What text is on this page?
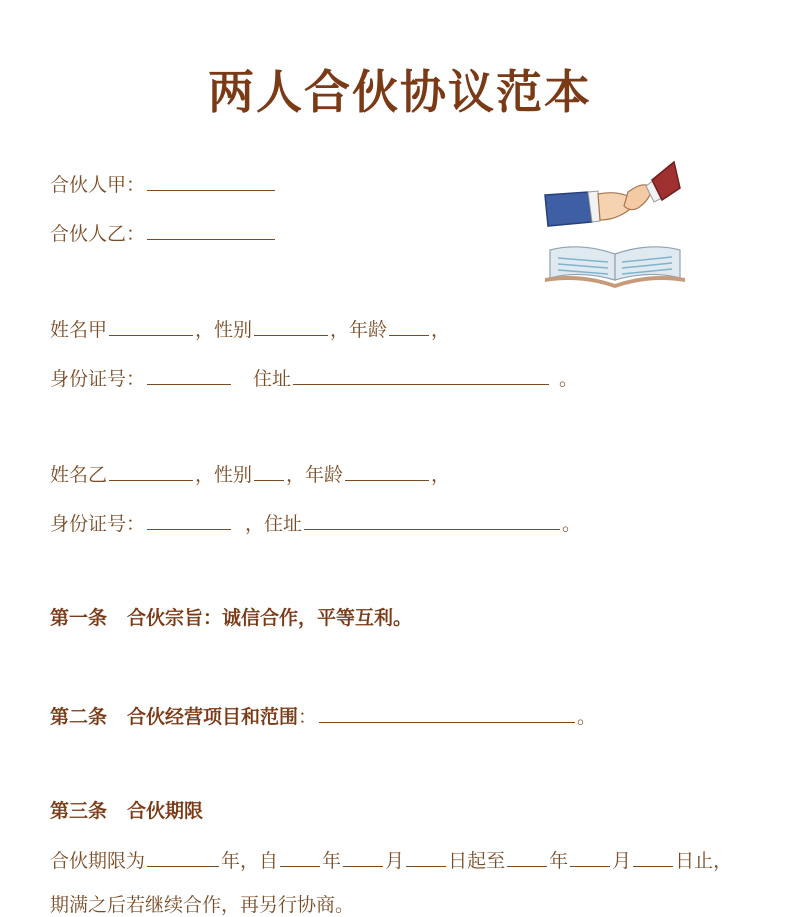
两人合伙协议范本
合伙人甲：
合伙人乙：
姓名甲	，性别	，年龄 ，
身份证号：	住址	。
姓名乙	，性别 ，年龄	，
身份证号：	，住址	。
第一条 合伙宗旨：诚信合作，平等互利。
第二条 合伙经营项目和范围：	。
第三条 合伙期限
合伙期限为	年，自 年 月 日起至 年 月 日止，
期满之后若继续合作，再另行协商。
